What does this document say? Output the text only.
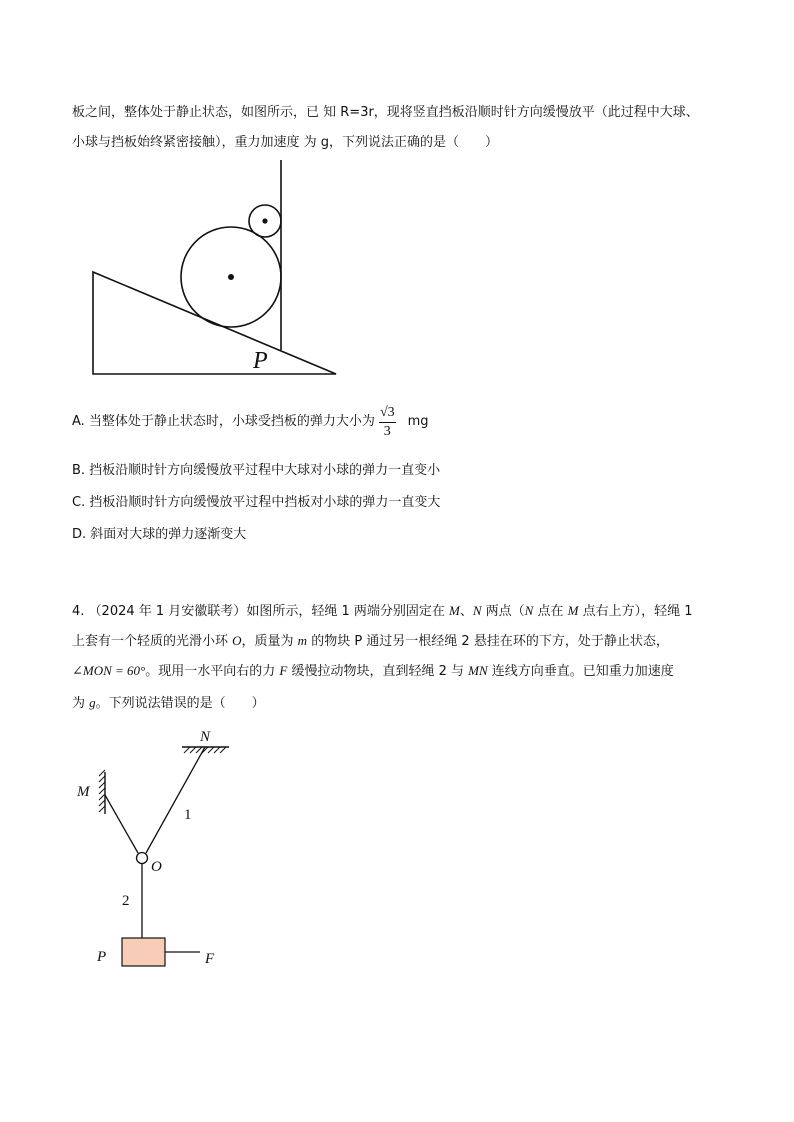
板之间，整体处于静止状态，如图所示，已 知 R=3r，现将竖直挡板沿顺时针方向缓慢放平（此过程中大球、
小球与挡板始终紧密接触），重力加速度 为 g，下列说法正确的是（　　）
P
A. 当整体处于静止状态时，小球受挡板的弹力大小为 $\frac{√3}{3}$ mg
B. 挡板沿顺时针方向缓慢放平过程中大球对小球的弹力一直变小
C. 挡板沿顺时针方向缓慢放平过程中挡板对小球的弹力一直变大
D. 斜面对大球的弹力逐渐变大
4. （2024 年 1 月安徽联考）如图所示，轻绳 1 两端分别固定在 M、N 两点（N 点在 M 点右上方），轻绳 1
上套有一个轻质的光滑小环 O，质量为 m 的物块 P 通过另一根经绳 2 悬挂在环的下方，处于静止状态，
∠MON = 60°。现用一水平向右的力 F 缓慢拉动物块，直到轻绳 2 与 MN 连线方向垂直。已知重力加速度
为 g。下列说法错误的是（　　）
N
M
1
O
2
P	F
